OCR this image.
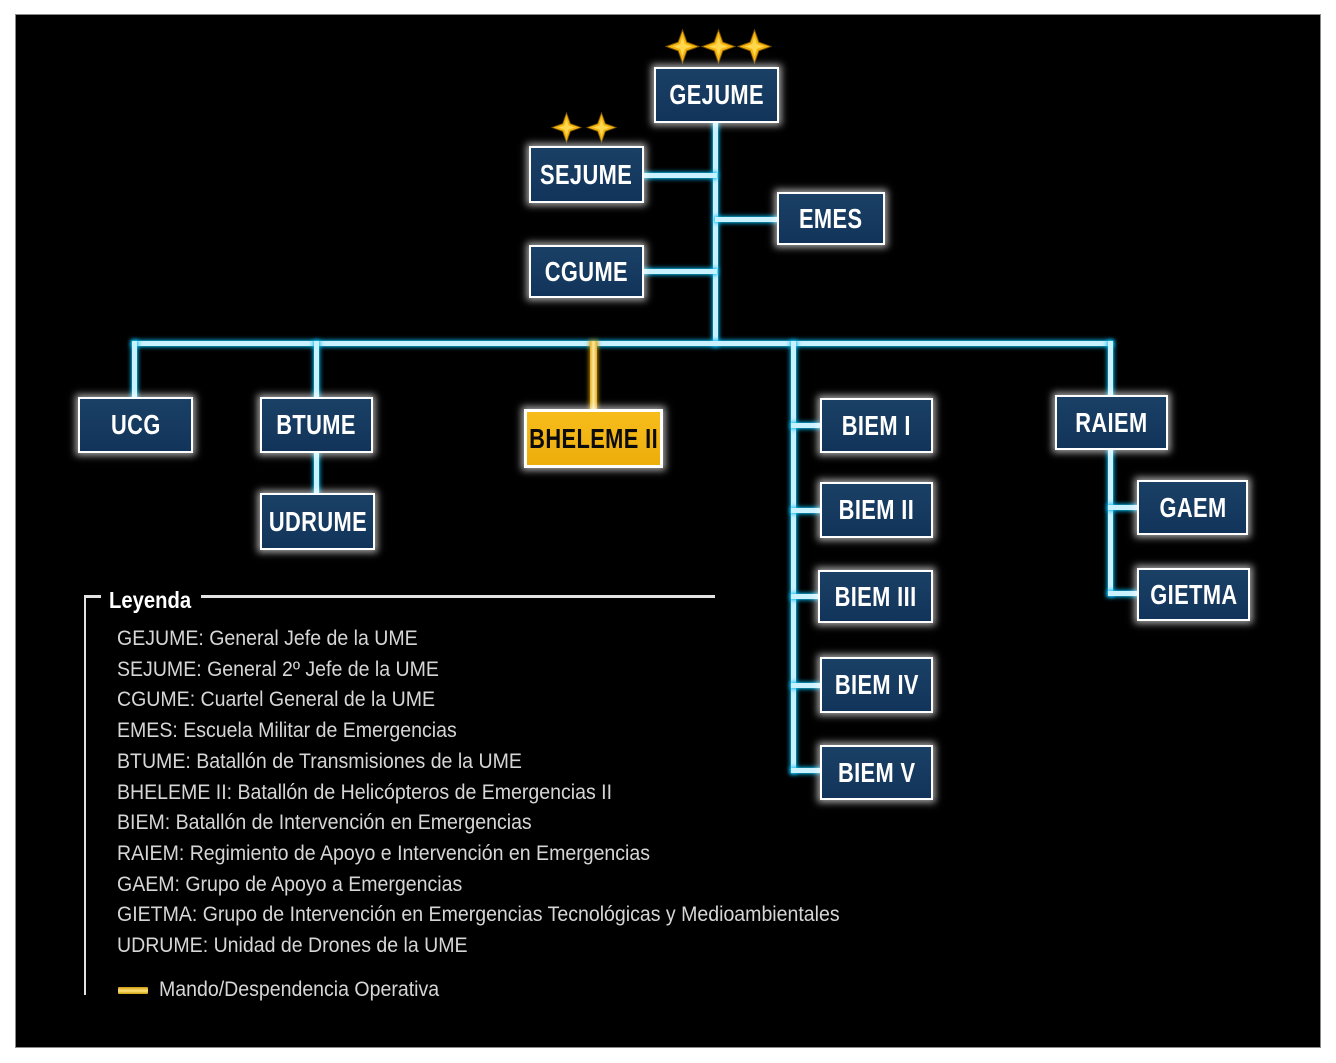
GEJUME
SEJUME
CGUME
EMES
UCG	BTUME
UDRUME
BHELEME II	BIEM I
BIEM II
BIEM III
BIEM IV
BIEM V
RAIEM
GAEM
GIETMA
Leyenda
GEJUME: General Jefe de la UME
SEJUME: General 2º Jefe de la UME
CGUME: Cuartel General de la UME
EMES: Escuela Militar de Emergencias
BTUME: Batallón de Transmisiones de la UME
BHELEME II: Batallón de Helicópteros de Emergencias II
BIEM: Batallón de Intervención en Emergencias
RAIEM: Regimiento de Apoyo e Intervención en Emergencias
GAEM: Grupo de Apoyo a Emergencias
GIETMA: Grupo de Intervención en Emergencias Tecnológicas y Medioambientales
UDRUME: Unidad de Drones de la UME
Mando/Despendencia Operativa
